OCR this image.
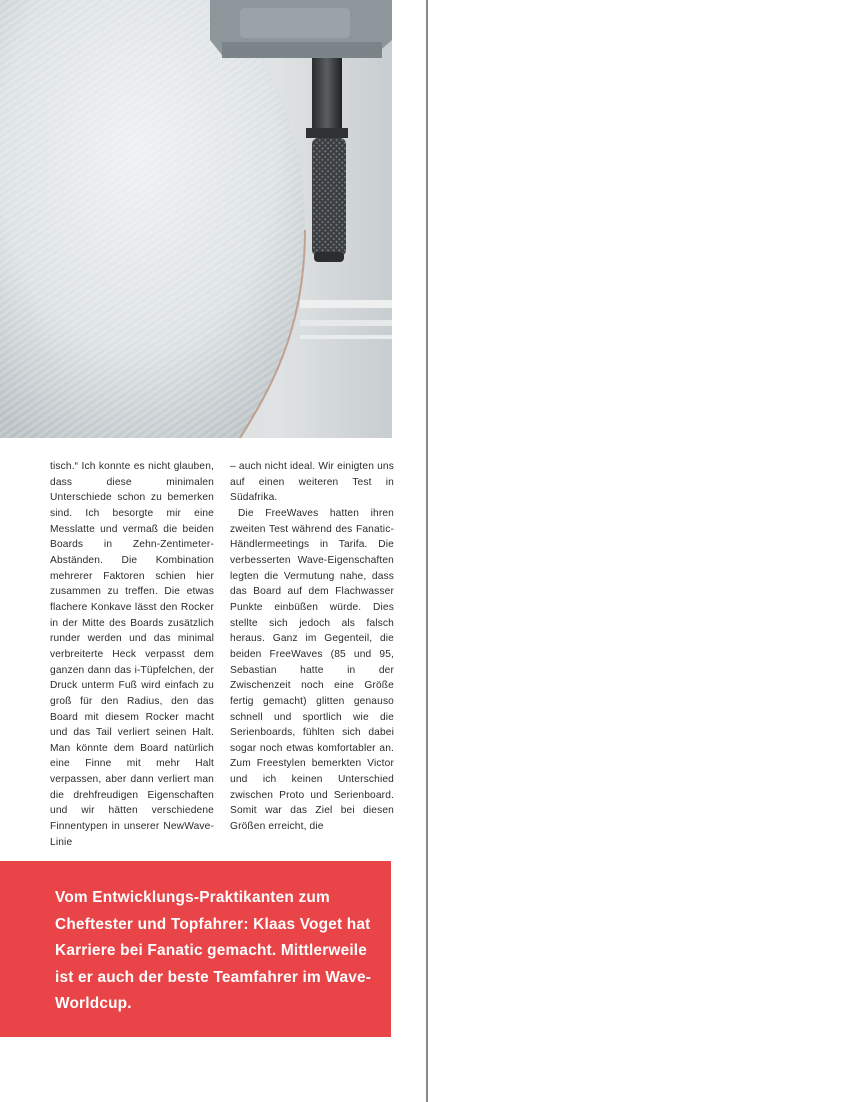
tisch.“ Ich konnte es nicht glauben, dass diese minimalen Unterschiede schon zu bemerken sind. Ich besorgte mir eine Messlatte und vermaß die beiden Boards in Zehn-Zentimeter-Abständen. Die Kombination mehrerer Faktoren schien hier zusammen zu treffen. Die etwas flachere Konkave lässt den Rocker in der Mitte des Boards zusätzlich runder werden und das minimal verbreiterte Heck verpasst dem ganzen dann das i-Tüpfelchen, der Druck unterm Fuß wird einfach zu groß für den Radius, den das Board mit diesem Rocker macht und das Tail verliert seinen Halt. Man könnte dem Board natürlich eine Finne mit mehr Halt verpassen, aber dann verliert man die drehfreudigen Eigenschaften und wir hätten verschiedene Finnentypen in unserer NewWave-Linie

– auch nicht ideal. Wir einigten uns auf einen weiteren Test in Südafrika.

Die FreeWaves hatten ihren zweiten Test während des Fanatic-Händlermeetings in Tarifa. Die verbesserten Wave-Eigenschaften legten die Vermutung nahe, dass das Board auf dem Flachwasser Punkte einbüßen würde. Dies stellte sich jedoch als falsch heraus. Ganz im Gegenteil, die beiden FreeWaves (85 und 95, Sebastian hatte in der Zwischenzeit noch eine Größe fertig gemacht) glitten genauso schnell und sportlich wie die Serienboards, fühlten sich dabei sogar noch etwas komfortabler an. Zum Freestylen bemerkten Victor und ich keinen Unterschied zwischen Proto und Serienboard. Somit war das Ziel bei diesen Größen erreicht, die

Vom Entwicklungs-Praktikanten zum Cheftester und Topfahrer: Klaas Voget hat Karriere bei Fanatic gemacht. Mittlerweile ist er auch der beste Teamfahrer im Wave-Worldcup.
